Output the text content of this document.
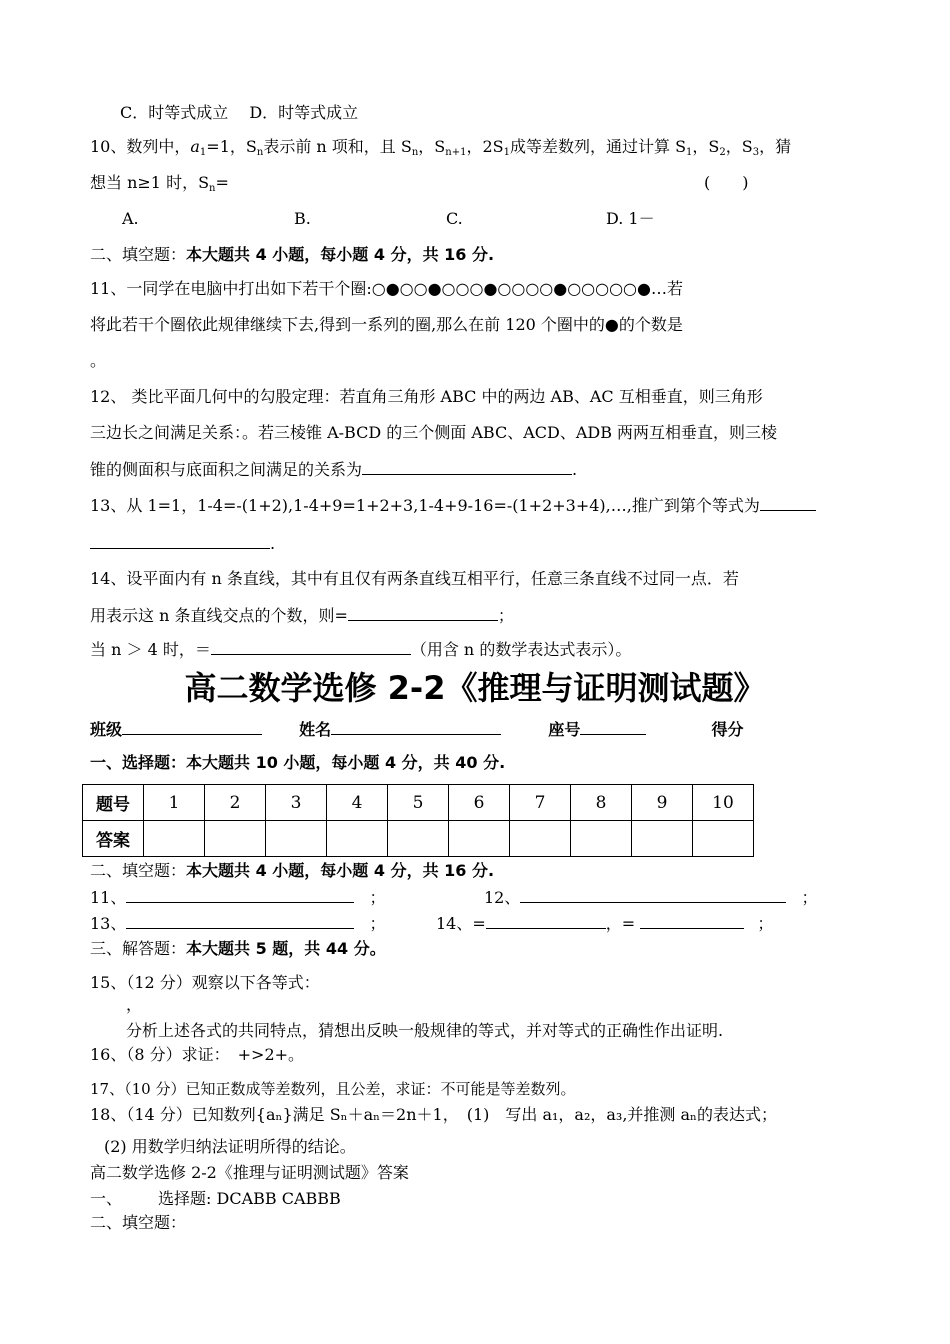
C．时等式成立　 D．时等式成立
10、数列中，$a_1=1$，$S_n$表示前 n 项和，且 $S_n$，$S_{n+1}$，$2S_1$成等差数列，通过计算 $S_1$，$S_2$，$S_3$，猜
想当 n≥1 时，$S_n=$	(　　)
A.	B.	C.	D. 1－
二、填空题：本大题共 4 小题，每小题 4 分，共 16 分.
11、一同学在电脑中打出如下若干个圈:○●○○●○○○●○○○○●○○○○○●…若
将此若干个圈依此规律继续下去,得到一系列的圈,那么在前 120 个圈中的●的个数是
。
12、 类比平面几何中的勾股定理：若直角三角形 ABC 中的两边 AB、AC 互相垂直，则三角形
三边长之间满足关系：。若三棱锥 A-BCD 的三个侧面 ABC、ACD、ADB 两两互相垂直，则三棱
锥的侧面积与底面积之间满足的关系为	.
13、从 1=1，1-4=-(1+2),1-4+9=1+2+3,1-4+9-16=-(1+2+3+4),…,推广到第个等式为
.
14、设平面内有 n 条直线，其中有且仅有两条直线互相平行，任意三条直线不过同一点．若
用表示这 n 条直线交点的个数，则=	；
当 n ＞ 4 时，＝	（用含 n 的数学表达式表示）。
高二数学选修 2-2《推理与证明测试题》
班级	姓名	座号	得分
一、选择题：本大题共 10 小题，每小题 4 分，共 40 分.
题号	1	2	3	4	5	6	7	8	9	10
答案										
二、填空题：本大题共 4 小题，每小题 4 分，共 16 分.
11、	；	12、	；
13、	；	14、=	，=	；
三、解答题：本大题共 5 题，共 44 分。
15、（12 分）观察以下各等式：
，
分析上述各式的共同特点，猜想出反映一般规律的等式，并对等式的正确性作出证明.
16、（8 分）求证：　+>2+。
17、（10 分）已知正数成等差数列，且公差，求证：不可能是等差数列。
18、（14 分）已知数列{aₙ}满足 Sₙ＋aₙ＝2n＋1，　(1)　写出 a₁，a₂，a₃,并推测 aₙ的表达式；
(2) 用数学归纳法证明所得的结论。
高二数学选修 2-2《推理与证明测试题》答案
一、 选择题: DCABB CABBB
二、填空题：
